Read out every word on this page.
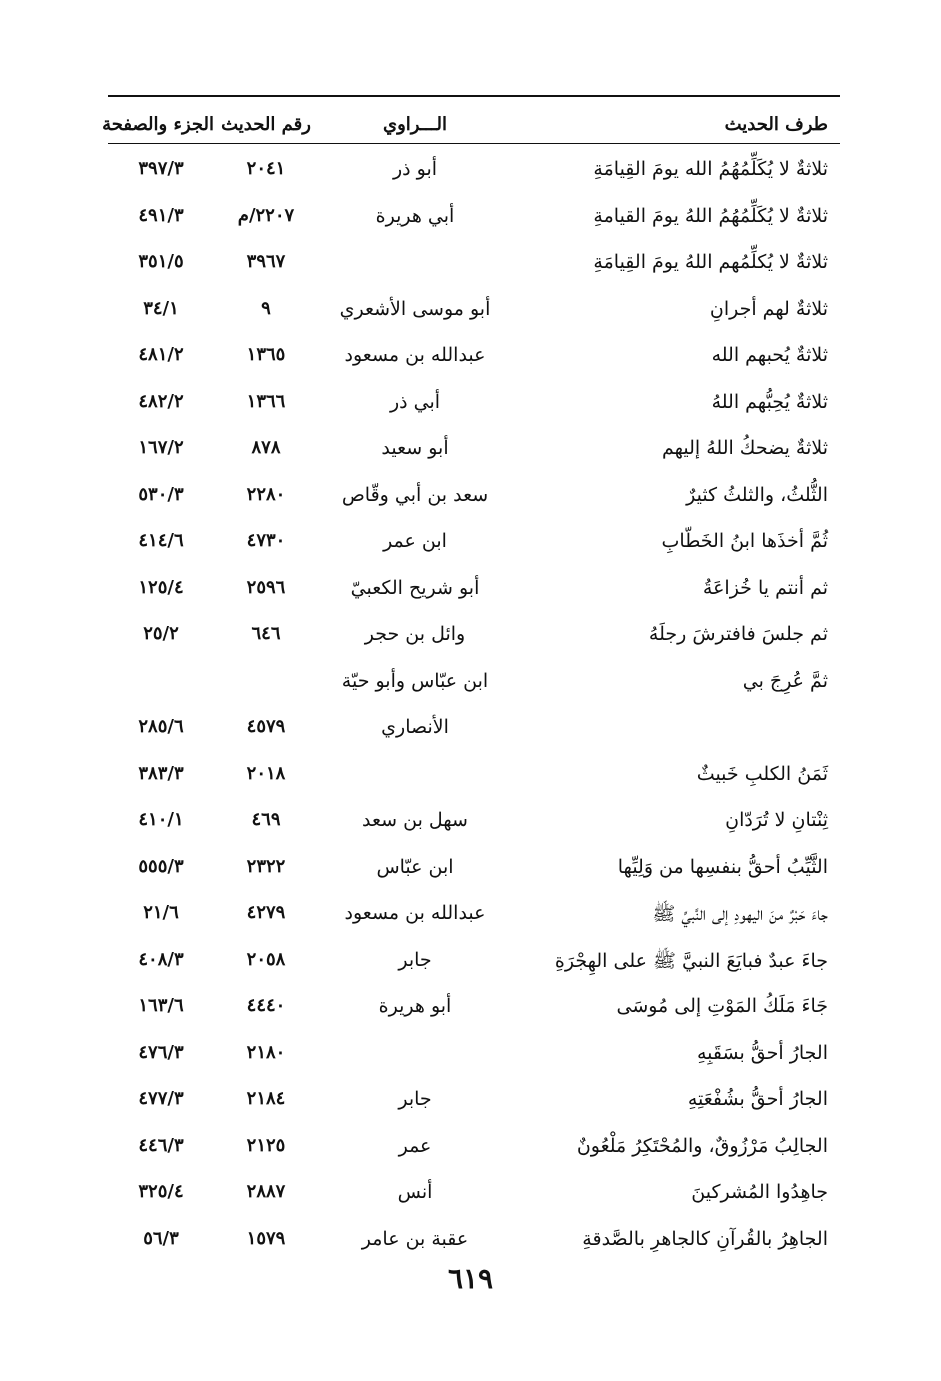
طرف الحديث
الـــراوي
رقم الحديث
الجزء والصفحة
ثلاثةٌ لا يُكَلِّمُهُمُ الله يومَ القِيامَةِ
أبو ذر
٢٠٤١
٣٩٧/٣
ثلاثةٌ لا يُكَلِّمُهُمُ اللهُ يومَ القيامةِ
أبي هريرة
٢٢٠٧/م
٤٩١/٣
ثلاثةٌ لا يُكلِّمُهم اللهُ يومَ القِيامَةِ
٣٩٦٧
٣٥١/٥
ثلاثةٌ لهم أجرانِ
أبو موسى الأشعري
٩
٣٤/١
ثلاثةٌ يُحبهم الله
عبدالله بن مسعود
١٣٦٥
٤٨١/٢
ثلاثةٌ يُحِبُّهم اللهُ
أبي ذر
١٣٦٦
٤٨٢/٢
ثلاثةٌ يضحكُ اللهُ إليهم
أبو سعيد
٨٧٨
١٦٧/٢
الثُّلثُ، والثلثُ كثيرٌ
سعد بن أبي وقّاص
٢٢٨٠
٥٣٠/٣
ثُمَّ أخذَها ابنُ الخَطّابِ
ابن عمر
٤٧٣٠
٤١٤/٦
ثم أنتم يا خُزاعَةُ
أبو شريح الكعبيّ
٢٥٩٦
١٢٥/٤
ثم جلسَ فافترشَ رجلَهُ
وائل بن حجر
٦٤٦
٢٥/٢
ثمَّ عُرِجَ بي
ابن عبّاس وأبو حيّة
الأنصاري
٤٥٧٩
٢٨٥/٦
ثَمَنُ الكلبِ خَبيثٌ
٢٠١٨
٣٨٣/٣
ثِنْتانِ لا تُرَدّانِ
سهل بن سعد
٤٦٩
٤١٠/١
الثَّيِّبُ أحقُّ بنفسِها من وَلِيِّها
ابن عبّاس
٢٣٢٢
٥٥٥/٣
جاءَ حَبْرٌ منَ اليهودِ إلى النَّبيِّ ﷺ
عبدالله بن مسعود
٤٢٧٩
٢١/٦
جاءَ عبدٌ فبايَعَ النبيَّ ﷺ على الهِجْرَةِ
جابر
٢٠٥٨
٤٠٨/٣
جَاءَ مَلَكُ المَوْتِ إلى مُوسَى
أبو هريرة
٤٤٤٠
١٦٣/٦
الجارُ أحقُّ بسَقَبِهِ
٢١٨٠
٤٧٦/٣
الجارُ أحقُّ بشُفْعَتِهِ
جابر
٢١٨٤
٤٧٧/٣
الجالِبُ مَرْزُوقٌ، والمُحْتَكِرُ مَلْعُونٌ
عمر
٢١٢٥
٤٤٦/٣
جاهِدُوا المُشركينَ
أنس
٢٨٨٧
٣٢٥/٤
الجاهِرُ بالقُرآنِ كالجاهرِ بالصَّدقةِ
عقبة بن عامر
١٥٧٩
٥٦/٣
٦١٩
